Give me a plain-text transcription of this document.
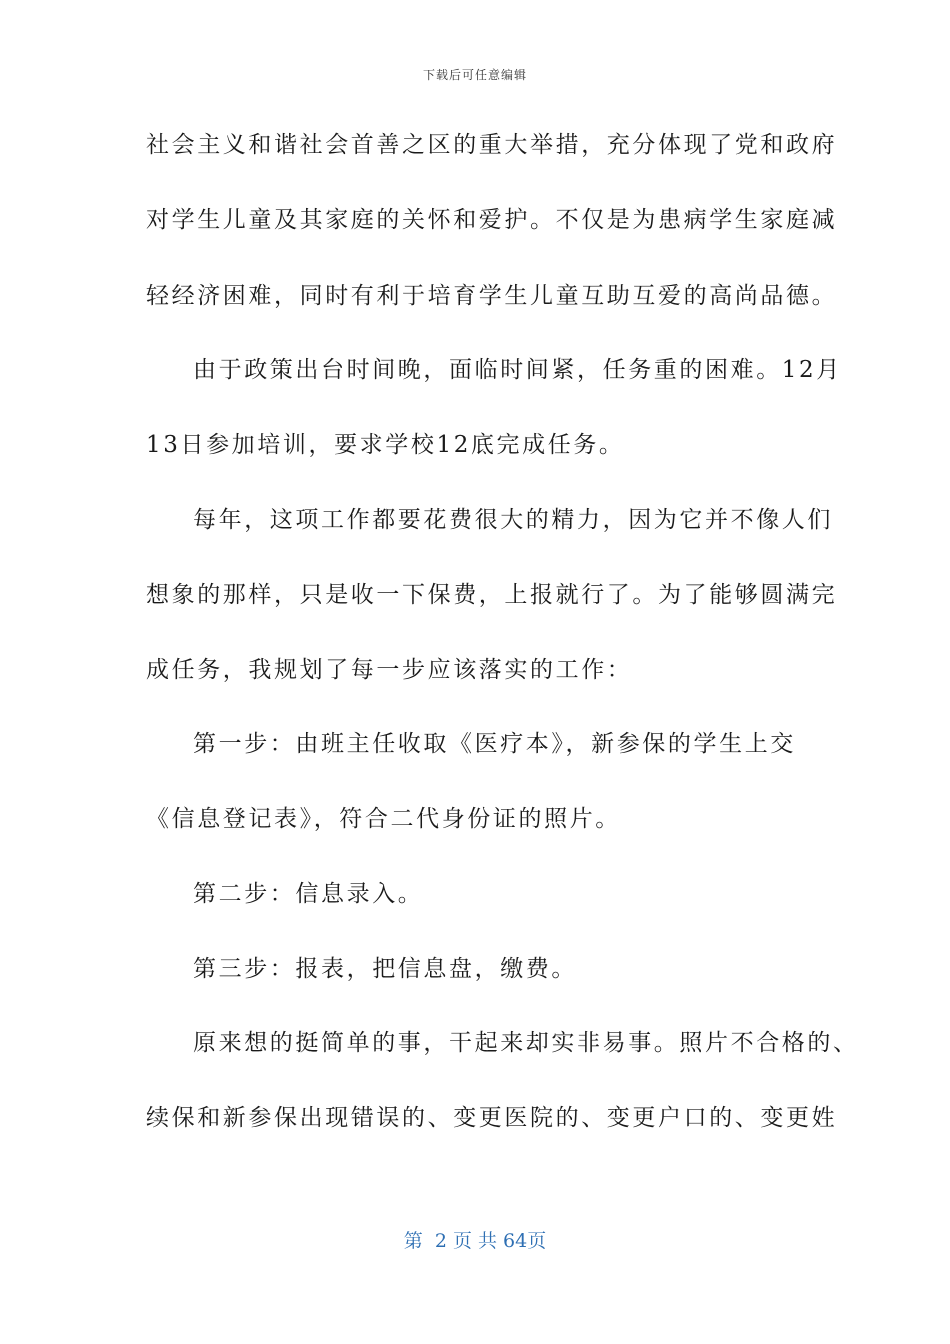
下载后可任意编辑
社会主义和谐社会首善之区的重大举措，充分体现了党和政府
对学生儿童及其家庭的关怀和爱护。不仅是为患病学生家庭减
轻经济困难，同时有利于培育学生儿童互助互爱的高尚品德。
由于政策出台时间晚，面临时间紧，任务重的困难。12月
13日参加培训，要求学校12底完成任务。
每年，这项工作都要花费很大的精力，因为它并不像人们
想象的那样，只是收一下保费，上报就行了。为了能够圆满完
成任务，我规划了每一步应该落实的工作：
第一步：由班主任收取《医疗本》，新参保的学生上交
《信息登记表》，符合二代身份证的照片。
第二步：信息录入。
第三步：报表，把信息盘，缴费。
原来想的挺简单的事，干起来却实非易事。照片不合格的、
续保和新参保出现错误的、变更医院的、变更户口的、变更姓
第  2 页 共 64页
